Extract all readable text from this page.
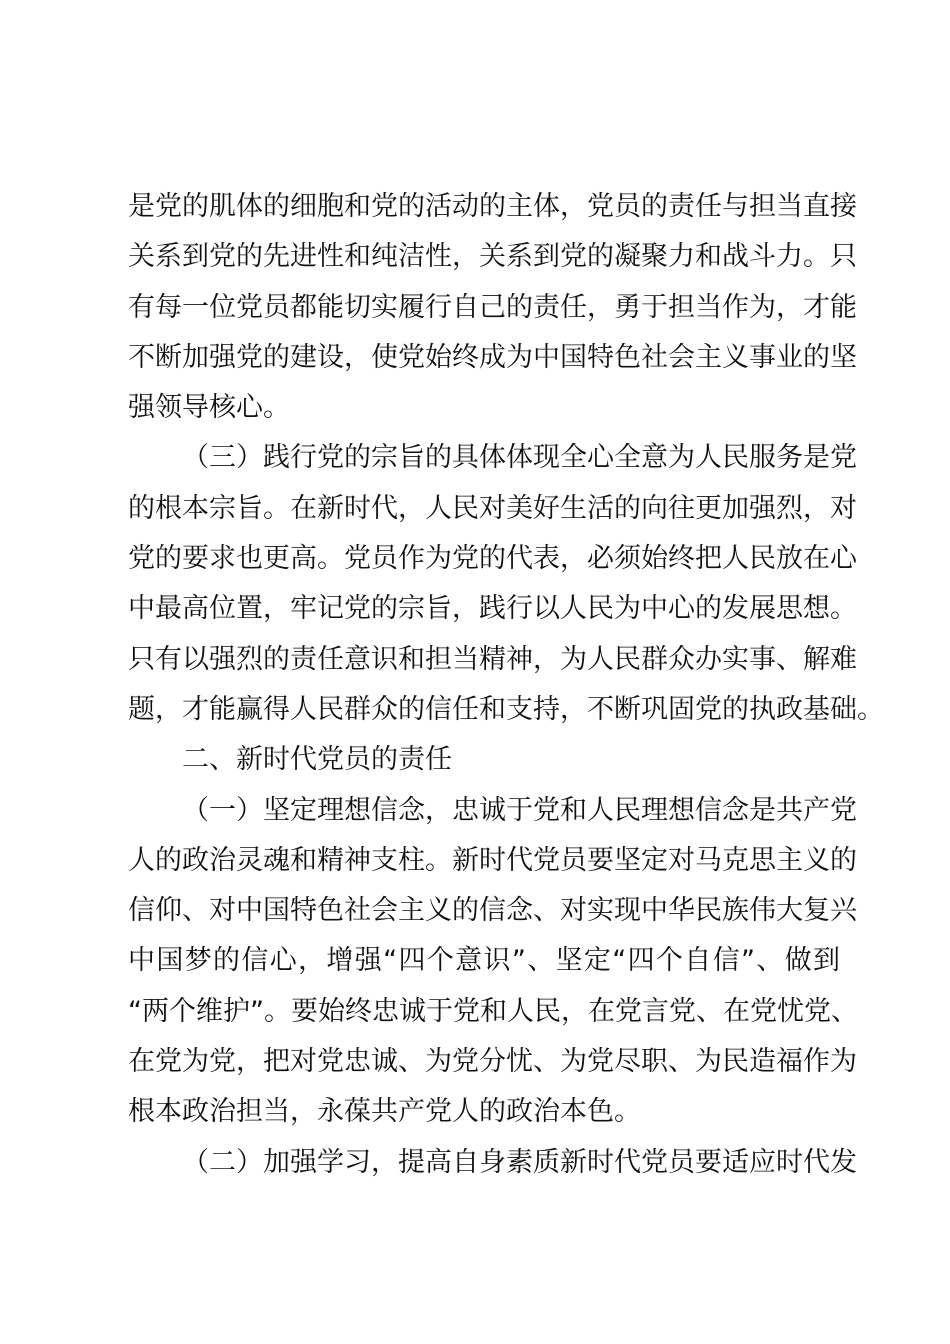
是党的肌体的细胞和党的活动的主体，党员的责任与担当直接
关系到党的先进性和纯洁性，关系到党的凝聚力和战斗力。只
有每一位党员都能切实履行自己的责任，勇于担当作为，才能
不断加强党的建设，使党始终成为中国特色社会主义事业的坚
强领导核心。
（三）践行党的宗旨的具体体现全心全意为人民服务是党
的根本宗旨。在新时代，人民对美好生活的向往更加强烈，对
党的要求也更高。党员作为党的代表，必须始终把人民放在心
中最高位置，牢记党的宗旨，践行以人民为中心的发展思想。
只有以强烈的责任意识和担当精神，为人民群众办实事、解难
题，才能赢得人民群众的信任和支持，不断巩固党的执政基础。
二、新时代党员的责任
（一）坚定理想信念，忠诚于党和人民理想信念是共产党
人的政治灵魂和精神支柱。新时代党员要坚定对马克思主义的
信仰、对中国特色社会主义的信念、对实现中华民族伟大复兴
中国梦的信心，增强“四个意识”、坚定“四个自信”、做到
“两个维护”。要始终忠诚于党和人民，在党言党、在党忧党、
在党为党，把对党忠诚、为党分忧、为党尽职、为民造福作为
根本政治担当，永葆共产党人的政治本色。
（二）加强学习，提高自身素质新时代党员要适应时代发
